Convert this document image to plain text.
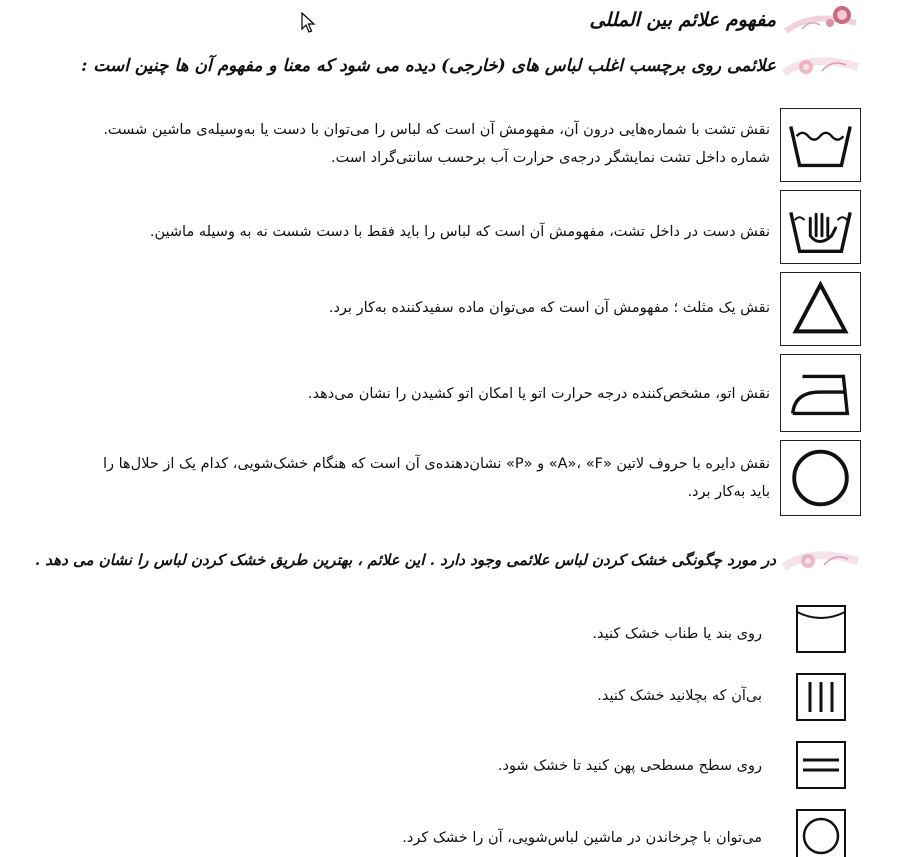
مفهوم علائم بین المللی
علائمی روی برچسب اغلب لباس های (خارجی) دیده می شود که معنا و مفهوم آن ها چنین است :
نقش تشت با شماره‌هایی درون آن، مفهومش آن است که لباس را می‌توان با دست یا به‌وسیله‌ی ماشین شست. شماره داخل تشت نمایشگر درجه‌ی حرارت آب برحسب سانتی‌گراد است.
نقش دست در داخل تشت، مفهومش آن است که لباس را باید فقط با دست شست نه به وسیله ماشین.
نقش یک مثلث ؛ مفهومش آن است که می‌توان ماده سفیدکننده به‌کار برد.
نقش اتو، مشخص‌کننده درجه حرارت اتو یا امکان اتو کشیدن را نشان می‌دهد.
نقش دایره با حروف لاتین «A»، «F» و «P» نشان‌دهنده‌ی آن است که هنگام خشک‌شویی، کدام یک از حلال‌ها را باید به‌کار برد.
در مورد چگونگی خشک کردن لباس علائمی وجود دارد . این علائم ، بهترین طریق خشک کردن لباس را نشان می دهد .
روی بند یا طناب خشک کنید.
بی‌آن که بچلانید خشک کنید.
روی سطح مسطحی پهن کنید تا خشک شود.
می‌توان با چرخاندن در ماشین لباس‌شویی، آن را خشک کرد.
